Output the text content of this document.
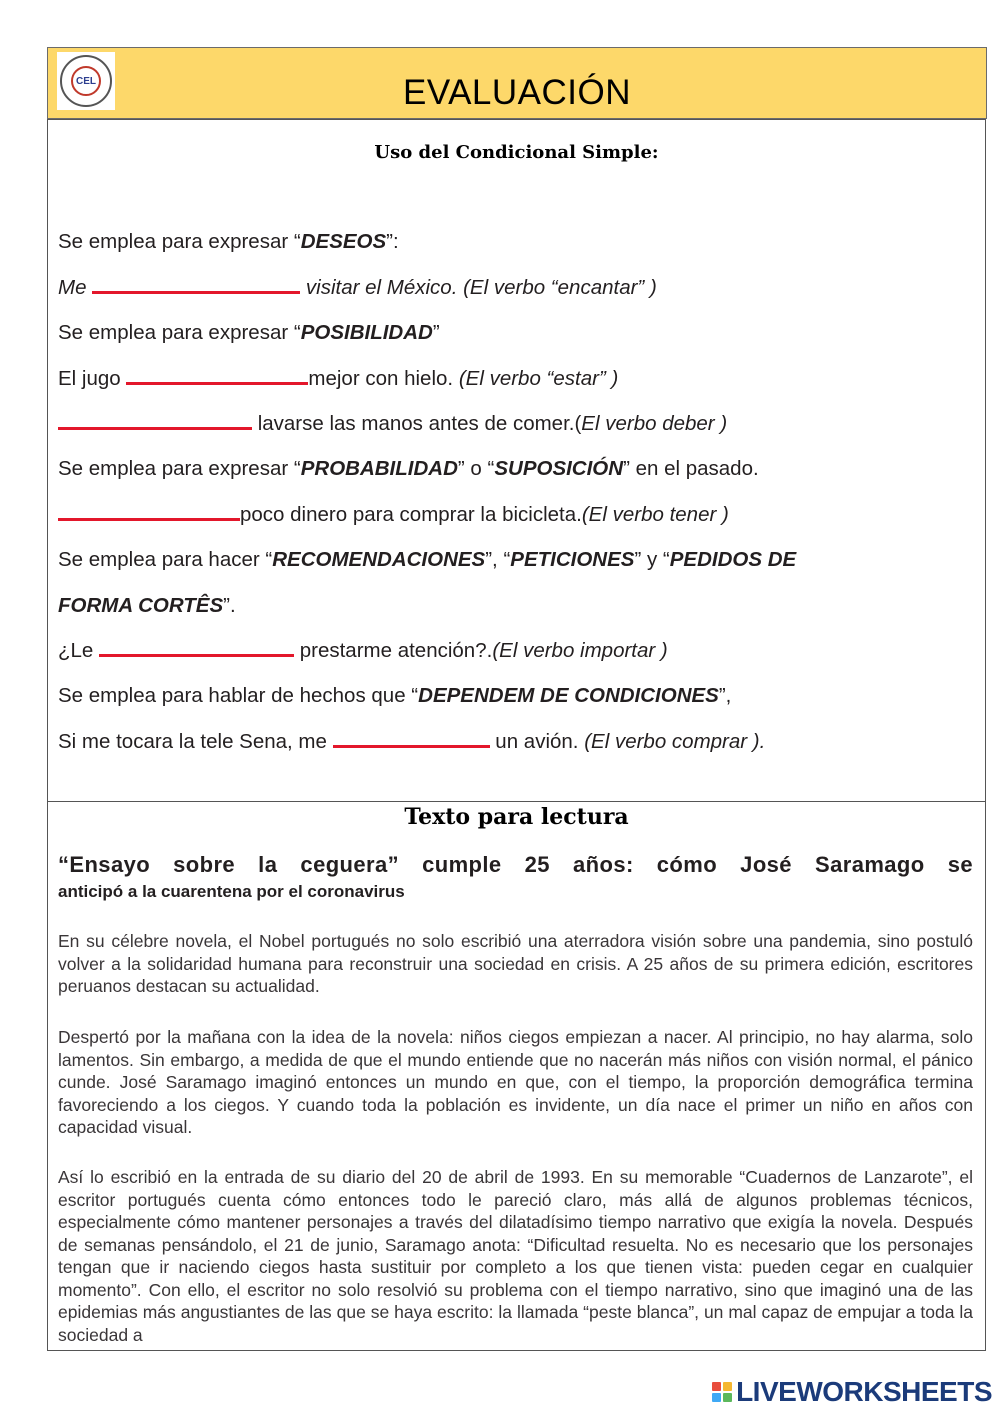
CEL	EVALUACIÓN
Uso del Condicional Simple:
Se emplea para expresar “DESEOS”:
Me	visitar el México. (El verbo “encantar” )
Se emplea para expresar “POSIBILIDAD”
El jugo	mejor con hielo. (El verbo “estar” )
lavarse las manos antes de comer.(El verbo deber )
Se emplea para expresar “PROBABILIDAD” o “SUPOSICIÓN” en el pasado.
poco dinero para comprar la bicicleta.(El verbo tener )
Se emplea para hacer “RECOMENDACIONES”, “PETICIONES” y “PEDIDOS DE
FORMA CORTÊS”.
¿Le	prestarme atención?.(El verbo importar )
Se emplea para hablar de hechos que “DEPENDEM DE CONDICIONES”,
Si me tocara la tele Sena, me	un avión. (El verbo comprar ).
Texto para lectura
“Ensayo sobre la ceguera” cumple 25 años: cómo José Saramago se
anticipó a la cuarentena por el coronavirus
En su célebre novela, el Nobel portugués no solo escribió una aterradora visión sobre una pandemia, sino postuló volver a la solidaridad humana para reconstruir una sociedad en crisis. A 25 años de su primera edición, escritores peruanos destacan su actualidad.
Despertó por la mañana con la idea de la novela: niños ciegos empiezan a nacer. Al principio, no hay alarma, solo lamentos. Sin embargo, a medida de que el mundo entiende que no nacerán más niños con visión normal, el pánico cunde. José Saramago imaginó entonces un mundo en que, con el tiempo, la proporción demográfica termina favoreciendo a los ciegos. Y cuando toda la población es invidente, un día nace el primer un niño en años con capacidad visual.
Así lo escribió en la entrada de su diario del 20 de abril de 1993. En su memorable “Cuadernos de Lanzarote”, el escritor portugués cuenta cómo entonces todo le pareció claro, más allá de algunos problemas técnicos, especialmente cómo mantener personajes a través del dilatadísimo tiempo narrativo que exigía la novela. Después de semanas pensándolo, el 21 de junio, Saramago anota: “Dificultad resuelta. No es necesario que los personajes tengan que ir naciendo ciegos hasta sustituir por completo a los que tienen vista: pueden cegar en cualquier momento”. Con ello, el escritor no solo resolvió su problema con el tiempo narrativo, sino que imaginó una de las epidemias más angustiantes de las que se haya escrito: la llamada “peste blanca”, un mal capaz de empujar a toda la sociedad a
LIVEWORKSHEETS
